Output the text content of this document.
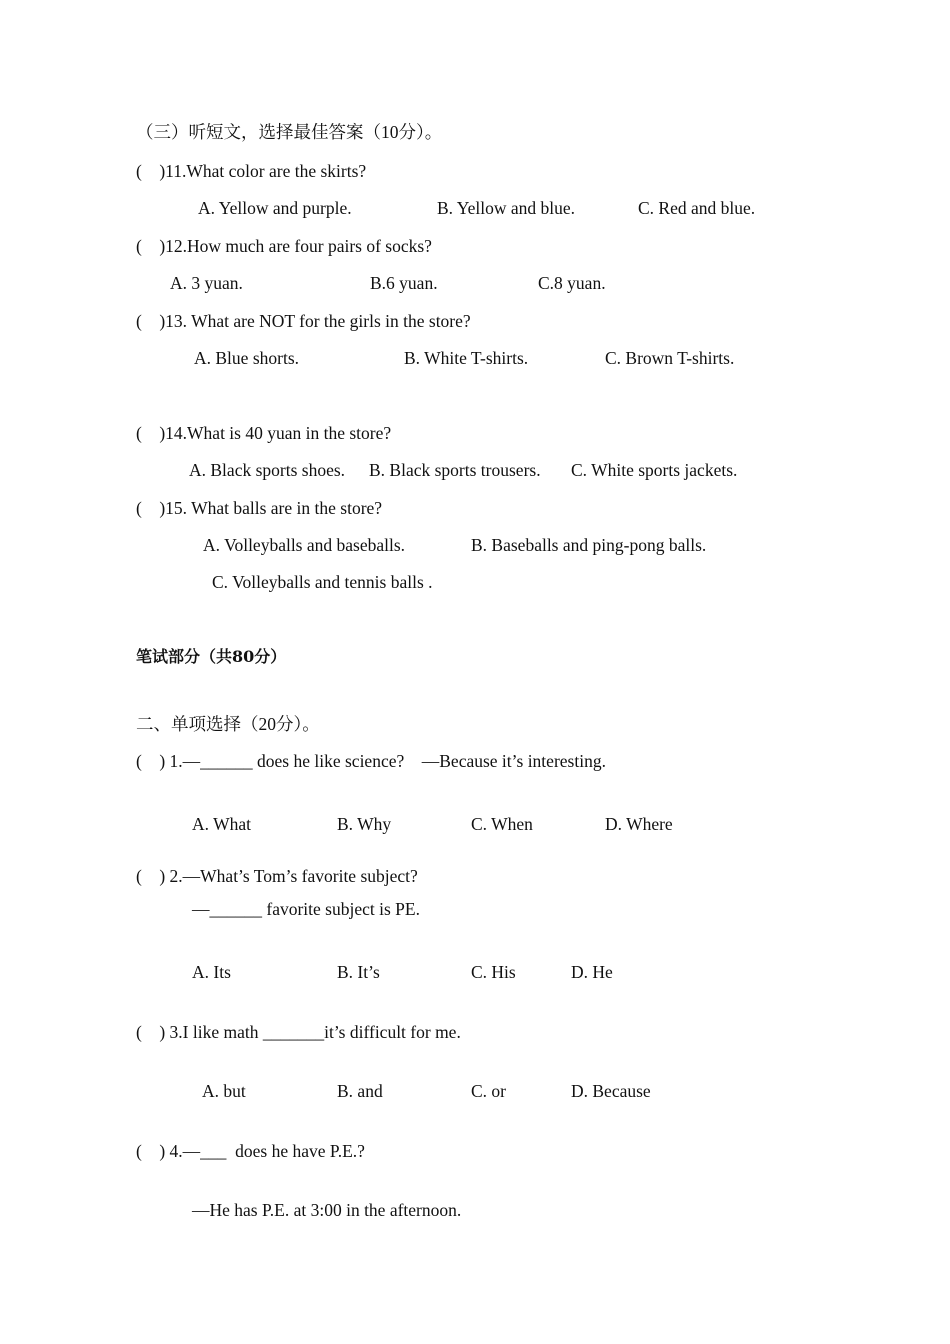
（三）听短文，选择最佳答案（10分）。
(    )11.What color are the skirts?
A. Yellow and purple.	B. Yellow and blue.	C. Red and blue.
(    )12.How much are four pairs of socks?
A. 3 yuan.	B.6 yuan.	C.8 yuan.
(    )13. What are NOT for the girls in the store?
A. Blue shorts.	B. White T-shirts.	C. Brown T-shirts.
(    )14.What is 40 yuan in the store?
A. Black sports shoes. B. Black sports trousers. C. White sports jackets.
(    )15. What balls are in the store?
A. Volleyballs and baseballs.	B. Baseballs and ping-pong balls.
C. Volleyballs and tennis balls .
笔试部分（共80分）
二、单项选择（20分）。
(    ) 1.—______ does he like science?    —Because it’s interesting.
A. What	B. Why	C. When	D. Where
(    ) 2.—What’s Tom’s favorite subject?
—______ favorite subject is PE.
A. Its	B. It’s	C. His	D. He
(    ) 3.I like math _______it’s difficult for me.
A. but	B. and	C. or	D. Because
(    ) 4.—___  does he have P.E.?
—He has P.E. at 3:00 in the afternoon.
